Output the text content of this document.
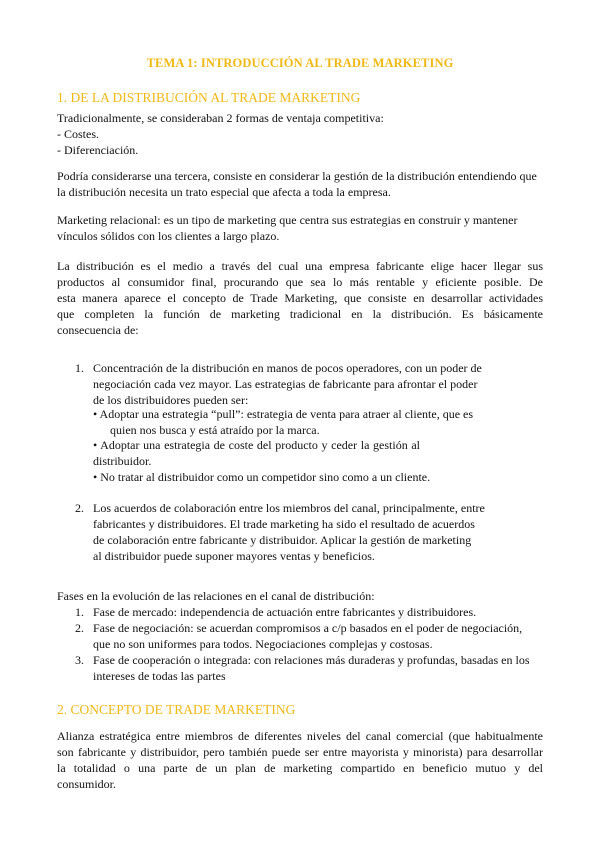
TEMA 1: INTRODUCCIÓN AL TRADE MARKETING
1. DE LA DISTRIBUCIÓN AL TRADE MARKETING
Tradicionalmente, se consideraban 2 formas de ventaja competitiva:
- Costes.
- Diferenciación.
Podría considerarse una tercera, consiste en considerar la gestión de la distribución entendiendo que
la distribución necesita un trato especial que afecta a toda la empresa.
Marketing relacional: es un tipo de marketing que centra sus estrategias en construir y mantener
vínculos sólidos con los clientes a largo plazo.
La distribución es el medio a través del cual una empresa fabricante elige hacer llegar sus
productos al consumidor final, procurando que sea lo más rentable y eficiente posible. De
esta manera aparece el concepto de Trade Marketing, que consiste en desarrollar actividades
que completen la función de marketing tradicional en la distribución. Es básicamente
consecuencia de:
1. Concentración de la distribución en manos de pocos operadores, con un poder de
negociación cada vez mayor. Las estrategias de fabricante para afrontar el poder
de los distribuidores pueden ser:
• Adoptar una estrategia “pull”: estrategia de venta para atraer al cliente, que es
quien nos busca y está atraído por la marca.
• Adoptar una estrategia de coste del producto y ceder la gestión al
distribuidor.
• No tratar al distribuidor como un competidor sino como a un cliente.
2. Los acuerdos de colaboración entre los miembros del canal, principalmente, entre
fabricantes y distribuidores. El trade marketing ha sido el resultado de acuerdos
de colaboración entre fabricante y distribuidor. Aplicar la gestión de marketing
al distribuidor puede suponer mayores ventas y beneficios.
Fases en la evolución de las relaciones en el canal de distribución:
1. Fase de mercado: independencia de actuación entre fabricantes y distribuidores.
2. Fase de negociación: se acuerdan compromisos a c/p basados en el poder de negociación,
que no son uniformes para todos. Negociaciones complejas y costosas.
3. Fase de cooperación o integrada: con relaciones más duraderas y profundas, basadas en los
intereses de todas las partes
2. CONCEPTO DE TRADE MARKETING
Alianza estratégica entre miembros de diferentes niveles del canal comercial (que habitualmente
son fabricante y distribuidor, pero también puede ser entre mayorista y minorista) para desarrollar
la totalidad o una parte de un plan de marketing compartido en beneficio mutuo y del
consumidor.
